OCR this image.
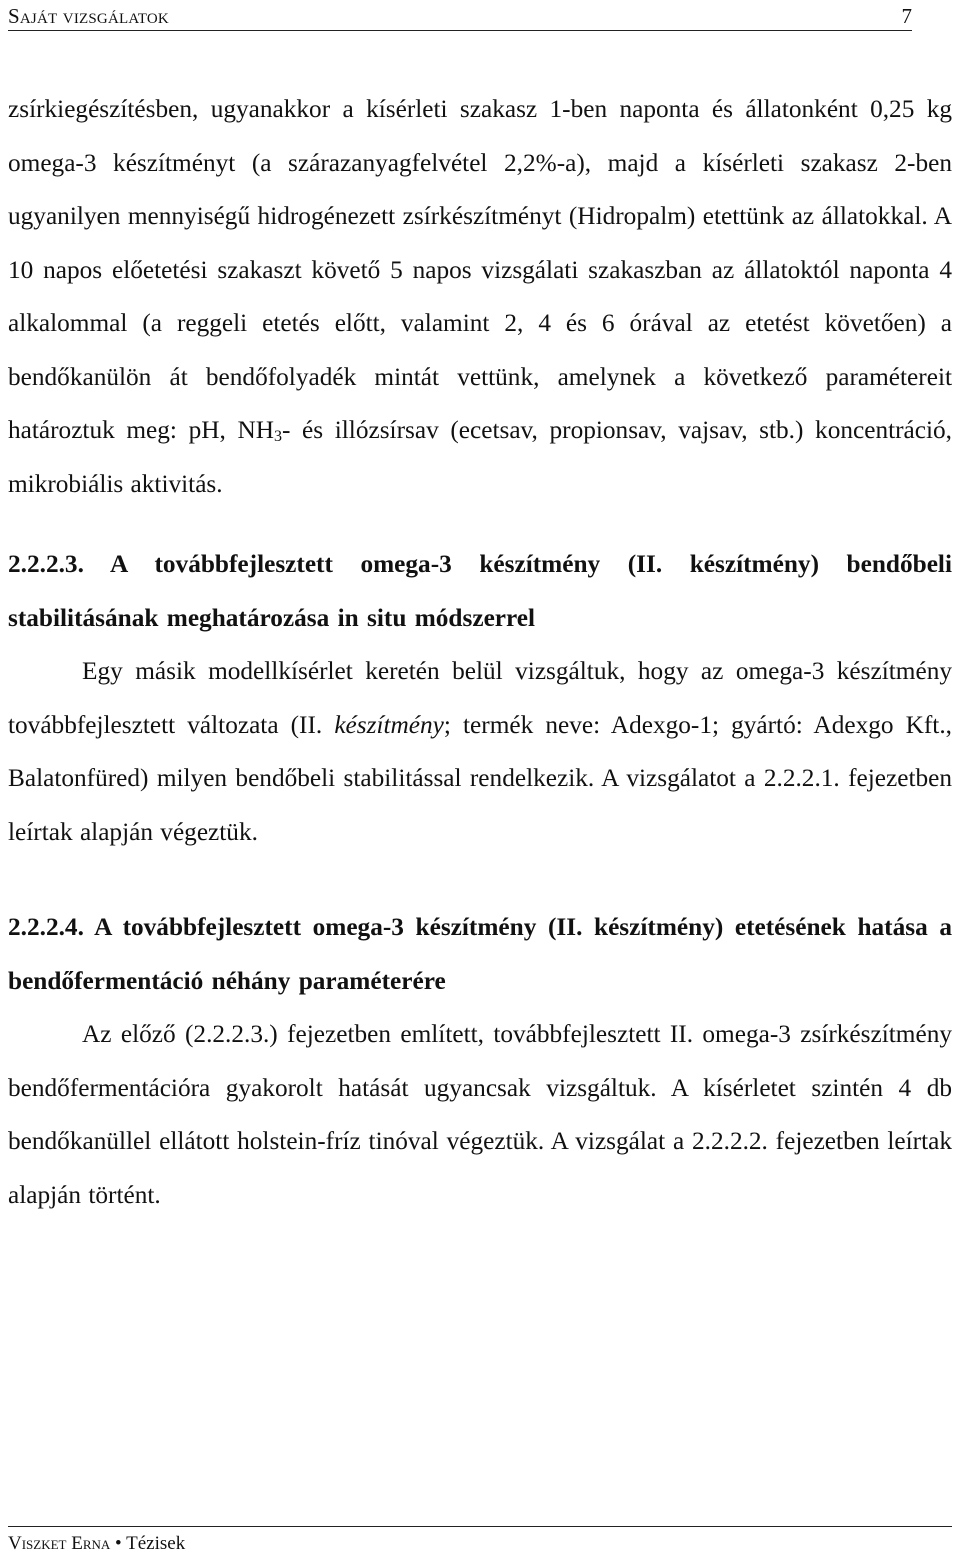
Saját vizsgálatok	7

zsírkiegészítésben, ugyanakkor a kísérleti szakasz 1-ben naponta és állatonként 0,25 kg omega-3 készítményt (a szárazanyagfelvétel 2,2%-a), majd a kísérleti szakasz 2-ben ugyanilyen mennyiségű hidrogénezett zsírkészítményt (Hidropalm) etettünk az állatokkal. A 10 napos előetetési szakaszt követő 5 napos vizsgálati szakaszban az állatoktól naponta 4 alkalommal (a reggeli etetés előtt, valamint 2, 4 és 6 órával az etetést követően) a bendőkanülön át bendőfolyadék mintát vettünk, amelynek a következő paramétereit határoztuk meg: pH, $NH_3-$ és illózsírsav (ecetsav, propionsav, vajsav, stb.) koncentráció, mikrobiális aktivitás.

2.2.2.3. A továbbfejlesztett omega-3 készítmény (II. készítmény) bendőbeli stabilitásának meghatározása in situ módszerrel

Egy másik modellkísérlet keretén belül vizsgáltuk, hogy az omega-3 készítmény továbbfejlesztett változata (II. készítmény; termék neve: Adexgo-1; gyártó: Adexgo Kft., Balatonfüred) milyen bendőbeli stabilitással rendelkezik. A vizsgálatot a 2.2.2.1. fejezetben leírtak alapján végeztük.

2.2.2.4. A továbbfejlesztett omega-3 készítmény (II. készítmény) etetésének hatása a bendőfermentáció néhány paraméterére

Az előző (2.2.2.3.) fejezetben említett, továbbfejlesztett II. omega-3 zsírkészítmény bendőfermentációra gyakorolt hatását ugyancsak vizsgáltuk. A kísérletet szintén 4 db bendőkanüllel ellátott holstein-fríz tinóval végeztük. A vizsgálat a 2.2.2.2. fejezetben leírtak alapján történt.

Viszket Erna • Tézisek
